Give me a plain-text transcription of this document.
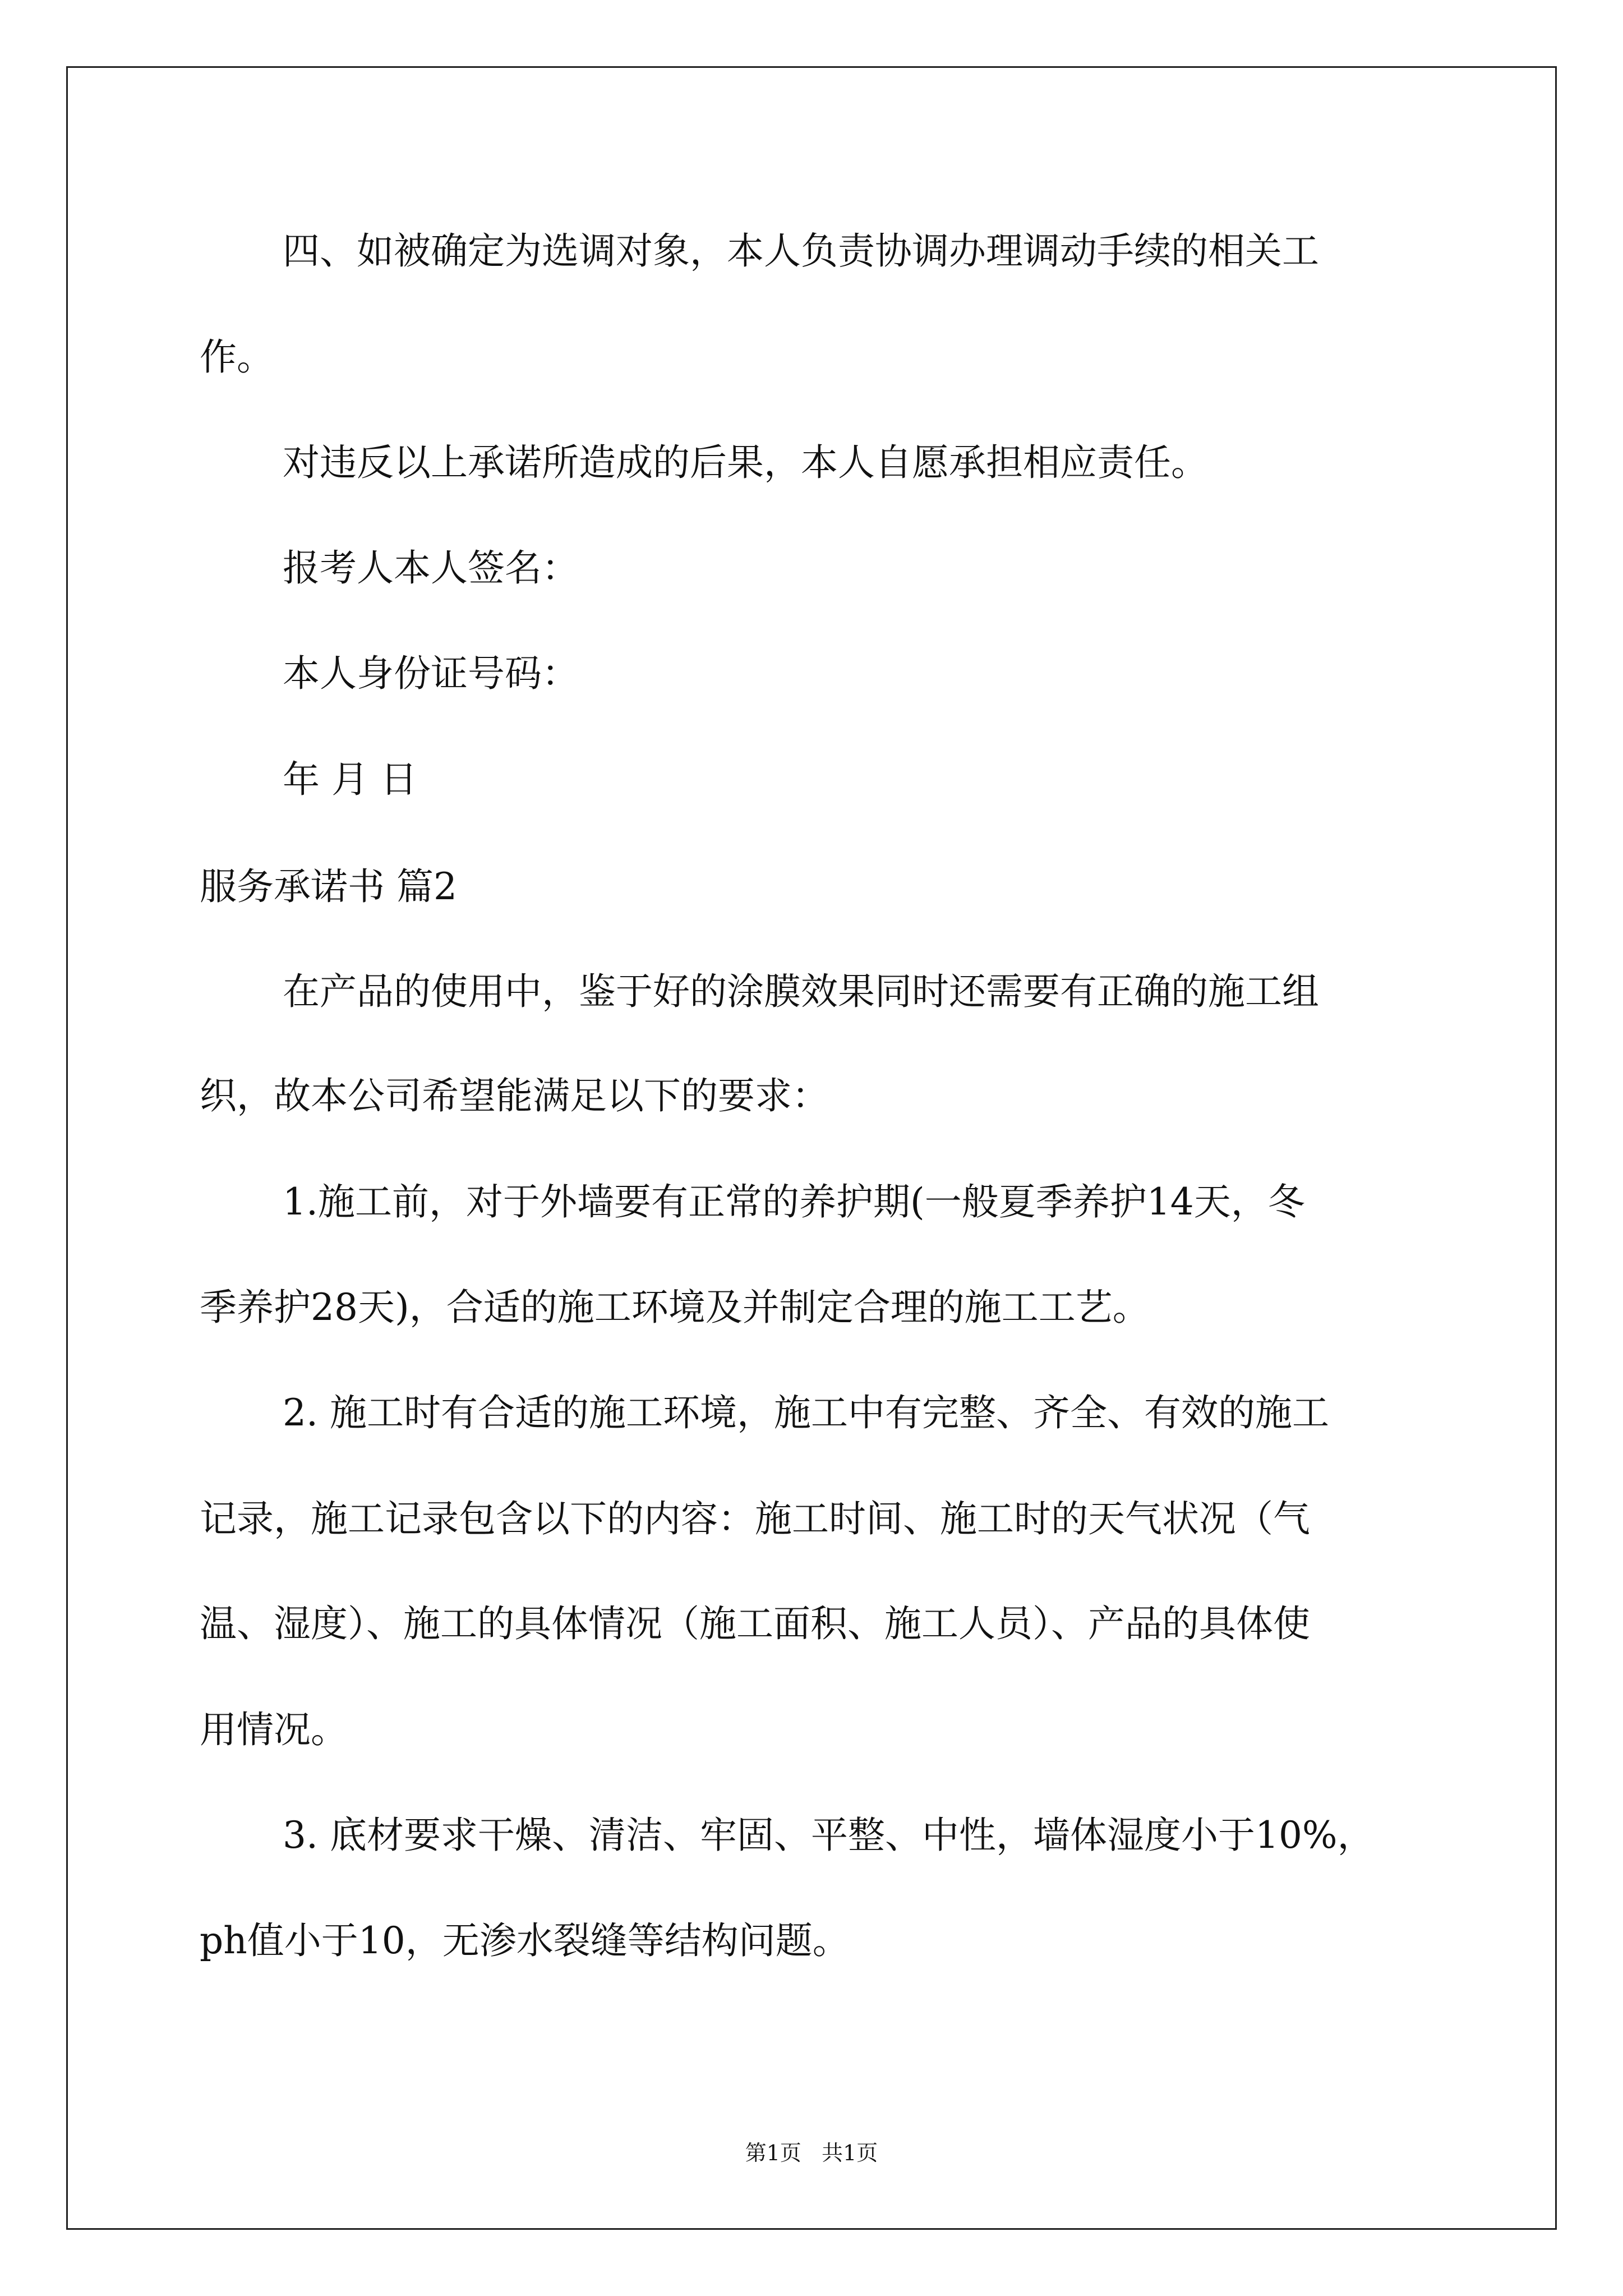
四、如被确定为选调对象，本人负责协调办理调动手续的相关工
作。
对违反以上承诺所造成的后果，本人自愿承担相应责任。
报考人本人签名：
本人身份证号码：
年 月 日
服务承诺书 篇2
在产品的使用中，鉴于好的涂膜效果同时还需要有正确的施工组
织，故本公司希望能满足以下的要求：
1.施工前，对于外墙要有正常的养护期(一般夏季养护14天，冬
季养护28天)，合适的施工环境及并制定合理的施工工艺。
2. 施工时有合适的施工环境，施工中有完整、齐全、有效的施工
记录，施工记录包含以下的内容：施工时间、施工时的天气状况（气
温、湿度）、施工的具体情况（施工面积、施工人员）、产品的具体使
用情况。
3. 底材要求干燥、清洁、牢固、平整、中性，墙体湿度小于10%，
ph值小于10，无渗水裂缝等结构问题。
第1页   共1页
